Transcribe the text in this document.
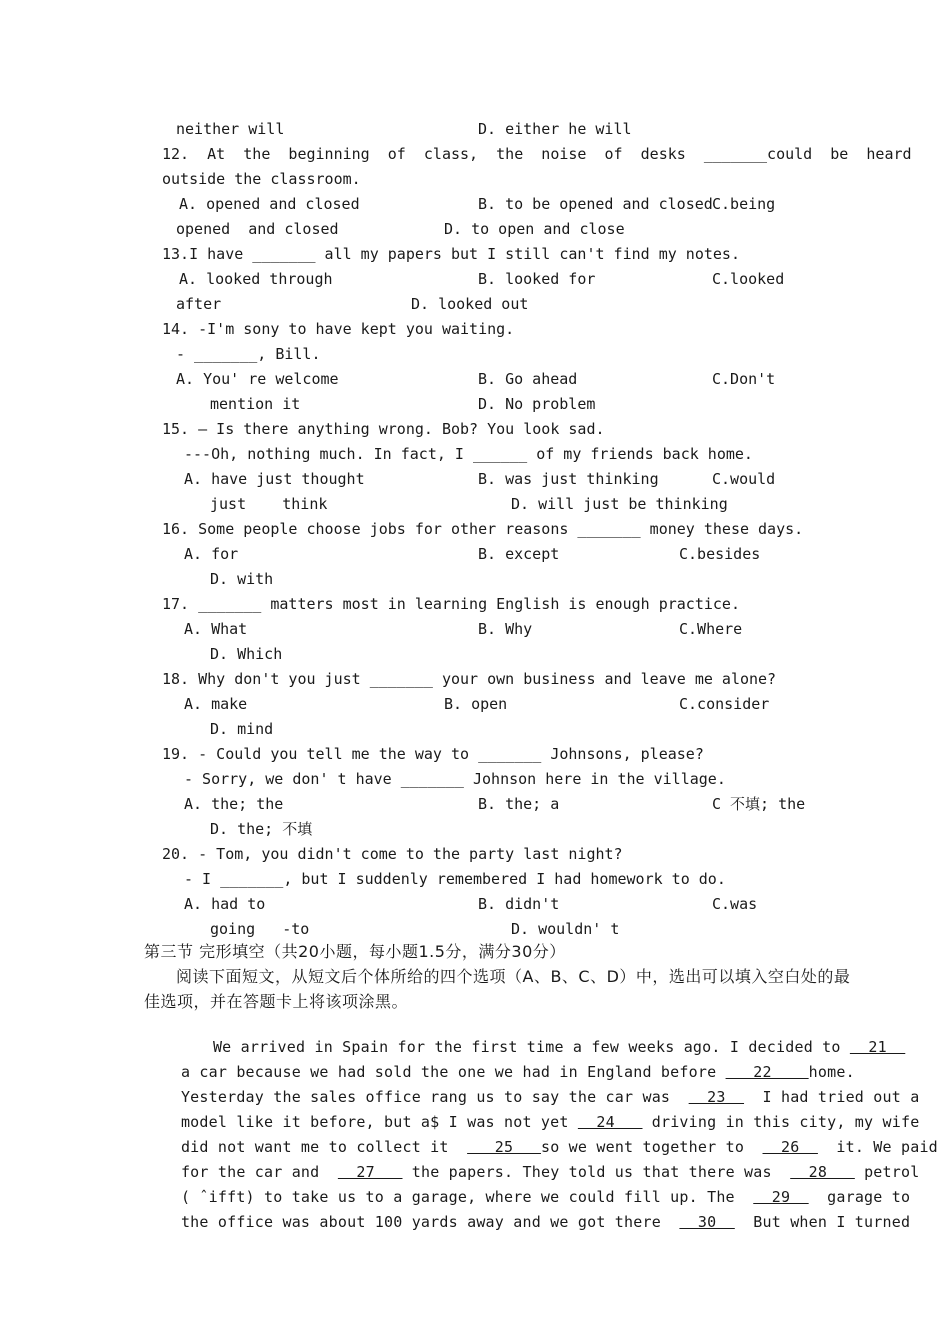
neither will	D. either he will
12.  At  the  beginning  of  class,  the  noise  of  desks  _______could  be  heard
outside the classroom.
A. opened and closed	B. to be opened and closed C.being
opened  and closed	D. to open and close
13.I have _______ all my papers but I still can't find my notes.
A. looked through	B. looked for	C.looked
after	D. looked out
14. -I'm sony to have kept you waiting.
- _______, Bill.
A. You' re welcome	B. Go ahead	C.Don't
mention it	D. No problem
15. — Is there anything wrong. Bob? You look sad.
---Oh, nothing much. In fact, I ______ of my friends back home.
A. have just thought	B. was just thinking	C.would
just    think	D. will just be thinking
16. Some people choose jobs for other reasons _______ money these days.
A. for	B. except	C.besides
D. with
17. _______ matters most in learning English is enough practice.
A. What	B. Why	C.Where
D. Which
18. Why don't you just _______ your own business and leave me alone?
A. make	B. open	C.consider
D. mind
19. - Could you tell me the way to _______ Johnsons, please?
- Sorry, we don' t have _______ Johnson here in the village.
A. the; the	B. the; a	C 不填; the
D. the; 不填
20. - Tom, you didn't come to the party last night?
- I _______, but I suddenly remembered I had homework to do.
A. had to	B. didn't	C.was
going   -to	D. wouldn' t
第三节 完形填空（共20小题，每小题1.5分，满分30分）
阅读下面短文，从短文后个体所给的四个选项（A、B、C、D）中，选出可以填入空白处的最
佳选项，并在答题卡上将该项涂黑。

We arrived in Spain for the first time a few weeks ago. I decided to   21

a car because we had sold the one we had in England before    22    home.

Yesterday the sales office rang us to say the car was    23    I had tried out a

model like it before, but a$ I was not yet   24    driving in this city, my wife

did not want me to collect it     25   so we went together to    26    it. We paid

for the car and    27    the papers. They told us that there was    28    petrol

( ˆifft) to take us to a garage, where we could fill up. The    29    garage to

the office was about 100 yards away and we got there    30    But when I turned
